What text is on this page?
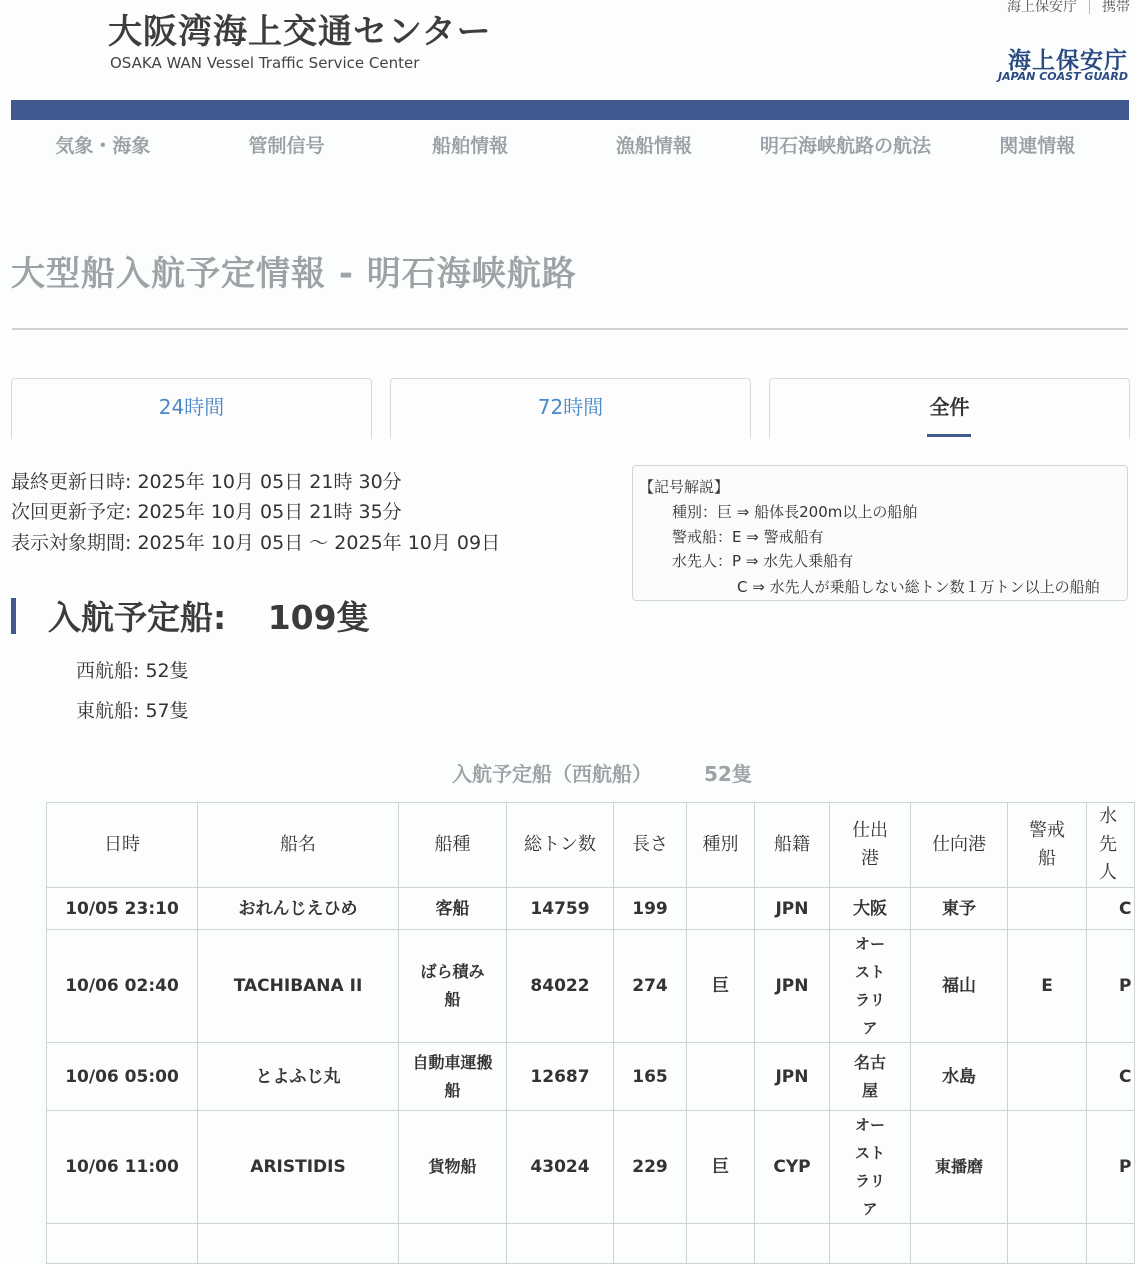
大阪湾海上交通センター
OSAKA WAN Vessel Traffic Service Center
海上保安庁 携帯
海上保安庁
JAPAN COAST GUARD
気象・海象	管制信号	船舶情報	漁船情報	明石海峡航路の航法	関連情報
大型船入航予定情報 - 明石海峡航路
24時間	72時間	全件
最終更新日時: 2025年 10月 05日 21時 30分
次回更新予定: 2025年 10月 05日 21時 35分
表示対象期間: 2025年 10月 05日 ～ 2025年 10月 09日
【記号解説】
種別：巨 ⇒ 船体長200m以上の船舶
警戒船：E ⇒ 警戒船有
水先人：P ⇒ 水先人乗船有
C ⇒ 水先人が乗船しない総トン数１万トン以上の船舶
入航予定船: 109隻
西航船: 52隻
東航船: 57隻
入航予定船（西航船）	52隻
日時	船名	船種	総トン数	長さ	種別	船籍	仕出港	仕向港	警戒船	水先人
10/05 23:10	おれんじえひめ	客船	14759	199		JPN	大阪	東予		C
10/06 02:40	TACHIBANA II	ばら積み船	84022	274	巨	JPN	オーストラリア	福山	E	P
10/06 05:00	とよふじ丸	自動車運搬船	12687	165		JPN	名古屋	水島		C
10/06 11:00	ARISTIDIS	貨物船	43024	229	巨	CYP	オーストラリア	東播磨		P
